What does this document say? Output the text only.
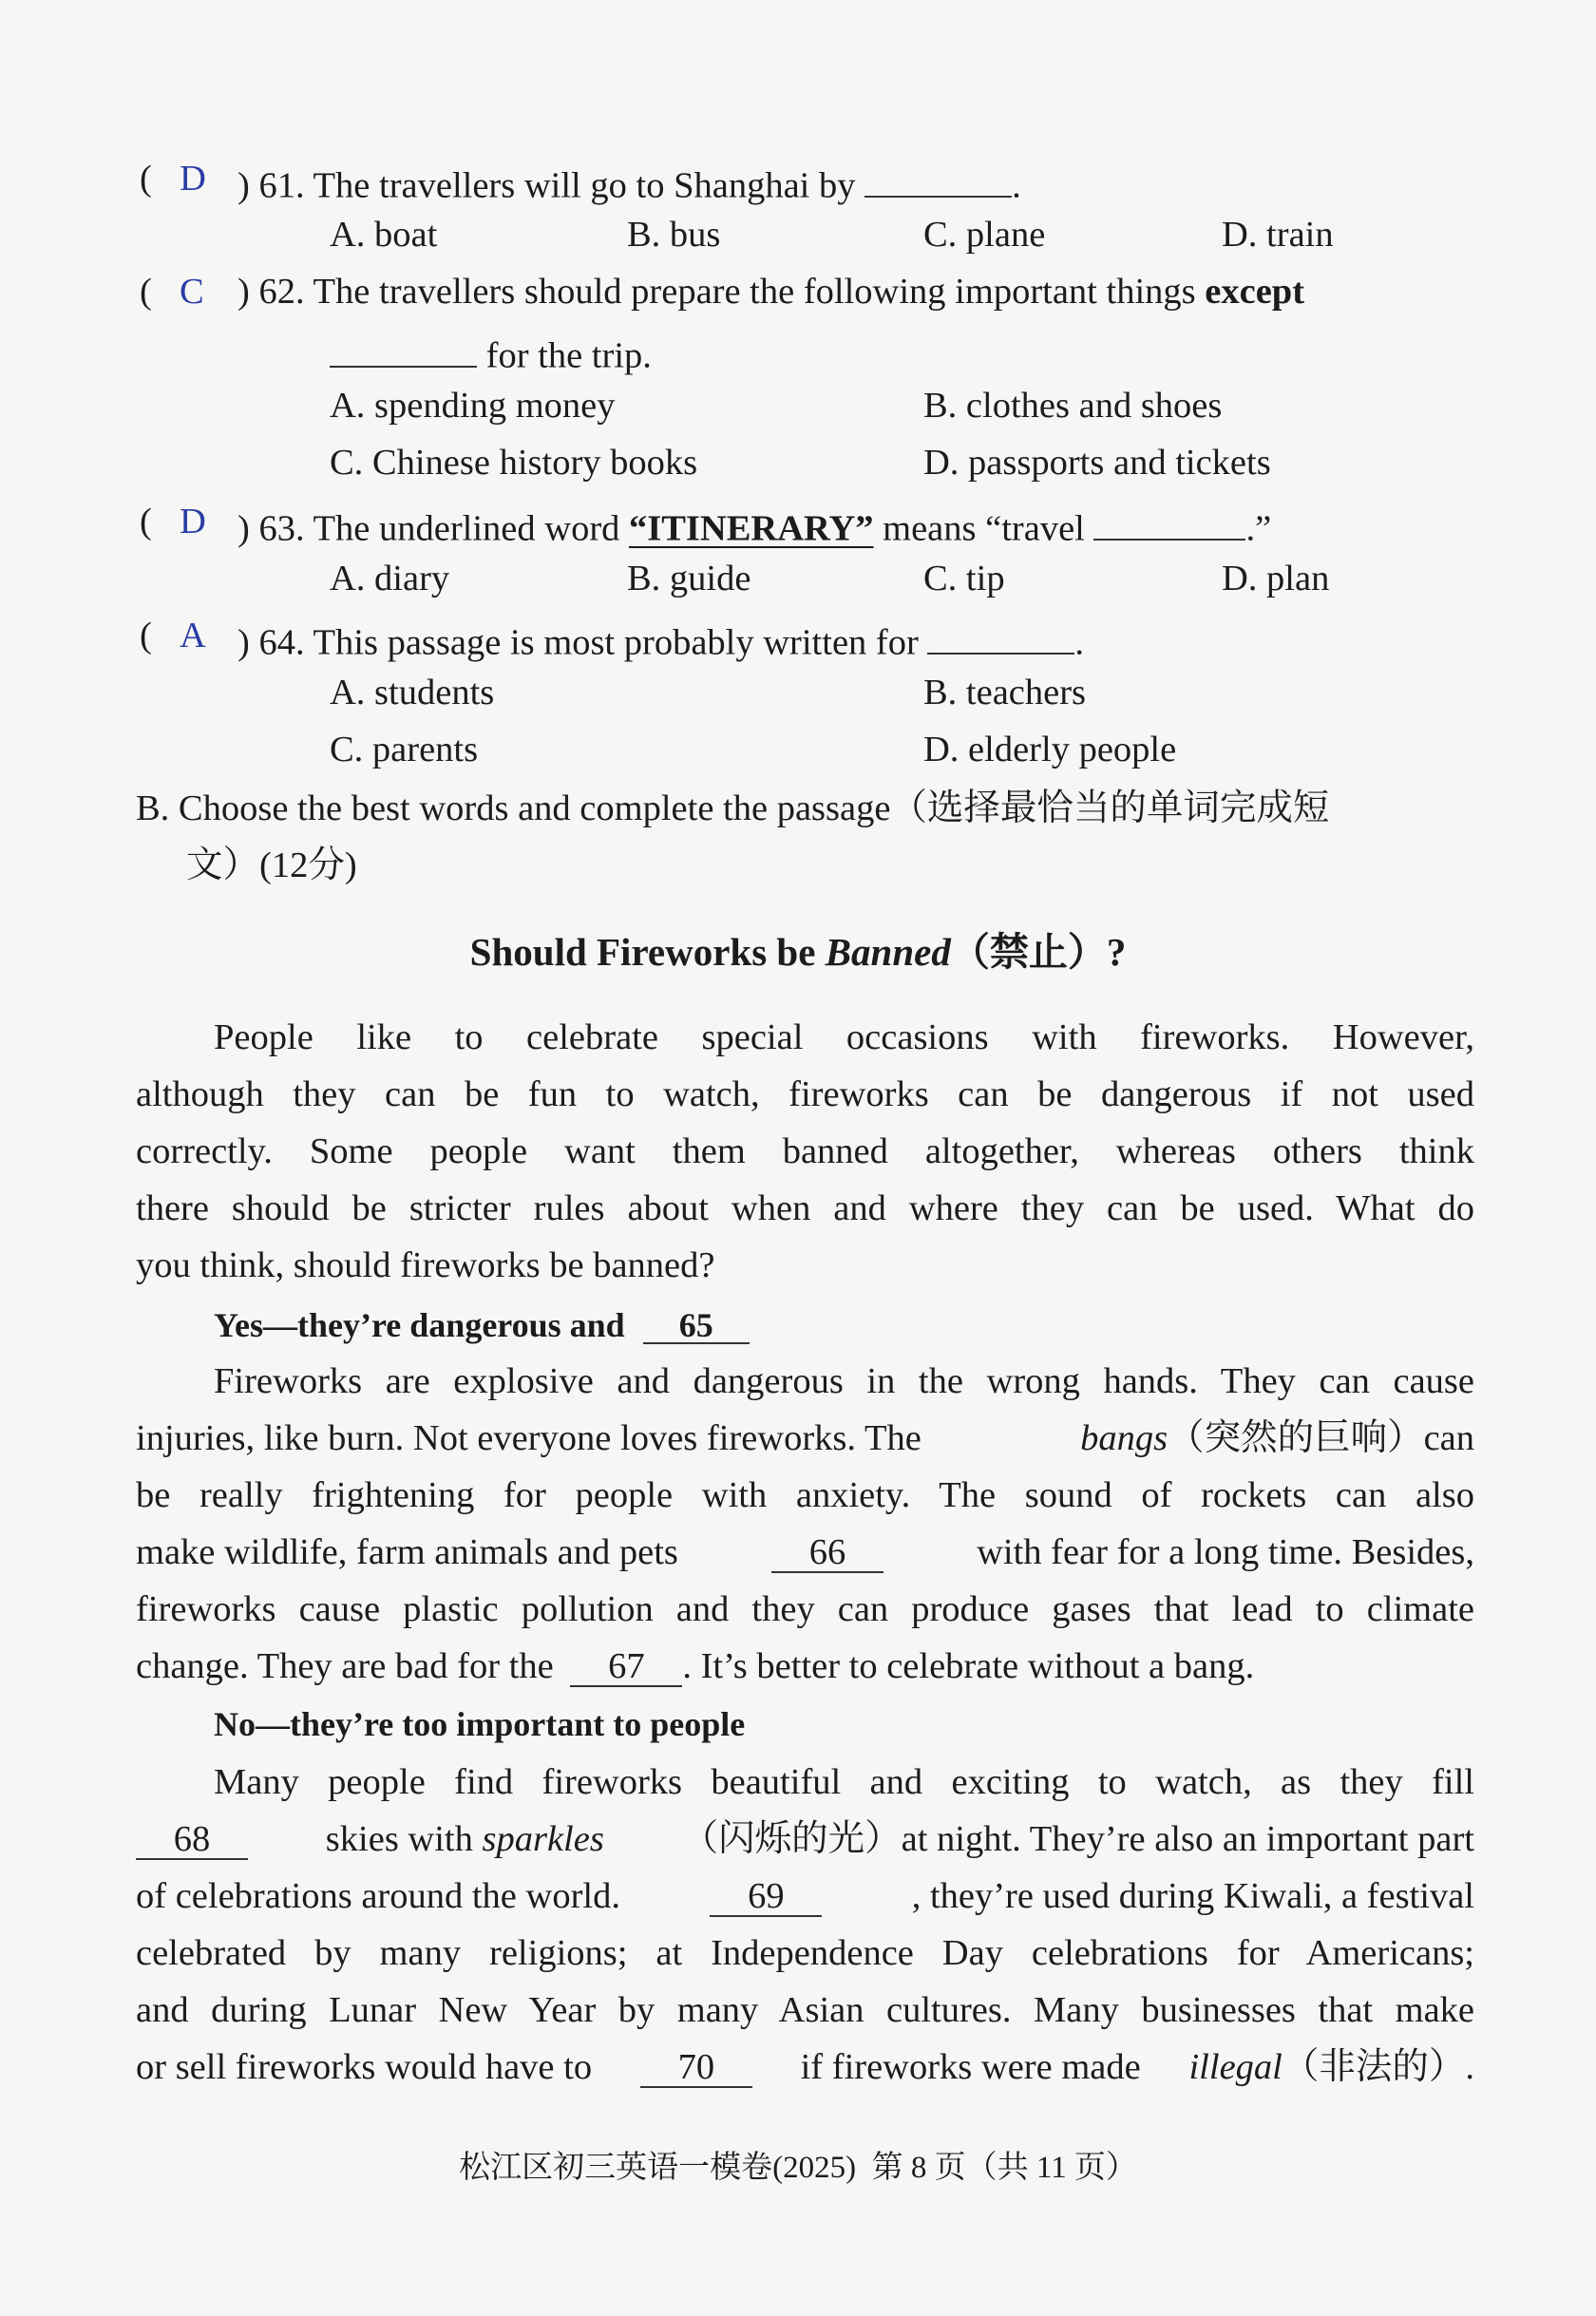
( D ) 61. The travellers will go to Shanghai by	.
A. boat	B. bus	C. plane	D. train
( C ) 62. The travellers should prepare the following important things except
for the trip.
A. spending money	B. clothes and shoes
C. Chinese history books	D. passports and tickets
( D ) 63. The underlined word “ITINERARY” means “travel	.”
A. diary	B. guide	C. tip	D. plan
( A ) 64. This passage is most probably written for	.
A. students	B. teachers
C. parents	D. elderly people
B. Choose the best words and complete the passage（选择最恰当的单词完成短
文）(12分)
Should Fireworks be Banned（禁止）?
People like to celebrate special occasions with fireworks. However,
although they can be fun to watch, fireworks can be dangerous if not used
correctly. Some people want them banned altogether, whereas others think
there should be stricter rules about when and where they can be used. What do
you think, should fireworks be banned?
Yes—they’re dangerous and 65
Fireworks are explosive and dangerous in the wrong hands. They can cause
injuries, like burn. Not everyone loves fireworks. The	bangs（突然的巨响）can
be really frightening for people with anxiety. The sound of rockets can also
make wildlife, farm animals and pets	66	with fear for a long time. Besides,
fireworks cause plastic pollution and they can produce gases that lead to climate
change. They are bad for the 67 . It’s better to celebrate without a bang.
No—they’re too important to people
Many people find fireworks beautiful and exciting to watch, as they fill
68	skies with sparkles （闪烁的光）at night. They’re also an important part
of celebrations around the world.	69	, they’re used during Kiwali, a festival
celebrated by many religions; at Independence Day celebrations for Americans;
and during Lunar New Year by many Asian cultures. Many businesses that make
or sell fireworks would have to	70	if fireworks were made illegal（非法的）.
松江区初三英语一模卷(2025)  第 8 页（共 11 页）
